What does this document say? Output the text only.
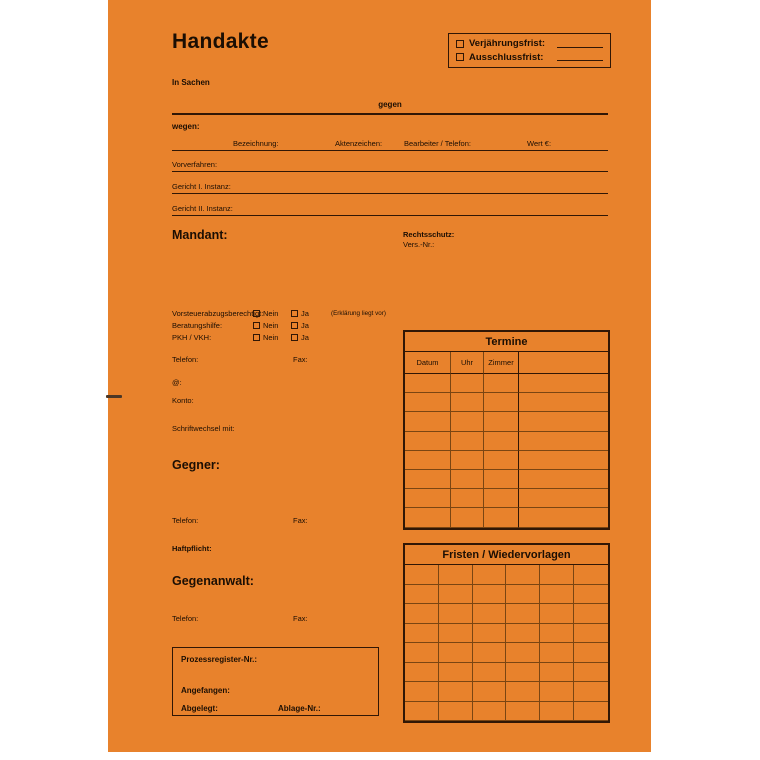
Handakte	Verjährungsfrist:
Ausschlussfrist:
In Sachen
gegen
wegen:
Bezeichnung:	Aktenzeichen:	Bearbeiter / Telefon:	Wert €:
Vorverfahren:
Gericht I. Instanz:
Gericht II. Instanz:
Mandant:	Rechtsschutz:
Vers.-Nr.:
Vorsteuerabzugsberechtigt: Nein	Ja	(Erklärung liegt vor)
Beratungshilfe:	Nein	Ja
PKH / VKH:	Nein	Ja
Telefon:	Fax:
@:
Konto:
Schriftwechsel mit:
Gegner:
Telefon:	Fax:
Haftpflicht:
Gegenanwalt:
Telefon:	Fax:
Prozessregister-Nr.:
Angefangen:
Abgelegt:	Ablage-Nr.:
Termine
Datum	Uhr	Zimmer
Fristen / Wiedervorlagen
